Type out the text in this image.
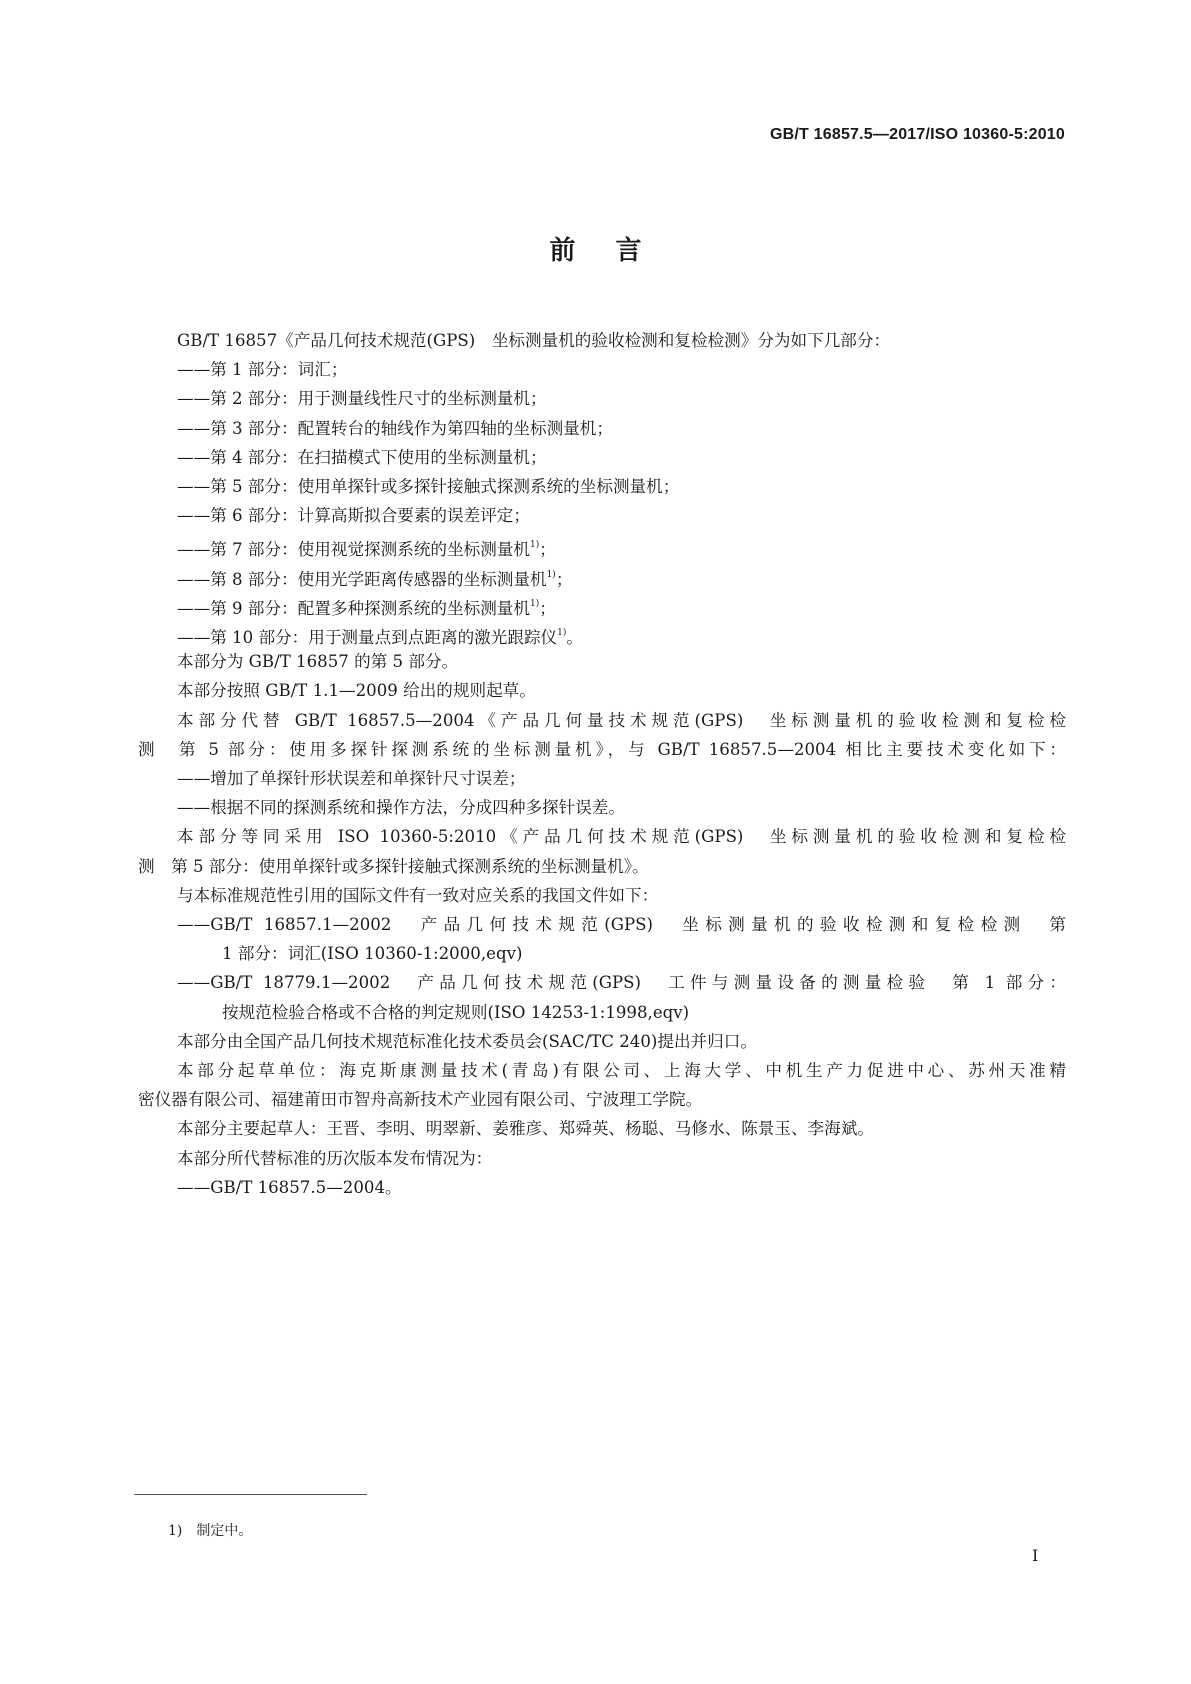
GB/T 16857.5—2017/ISO 10360-5:2010
前言
GB/T 16857《产品几何技术规范(GPS)　坐标测量机的验收检测和复检检测》分为如下几部分：
——第 1 部分：词汇；
——第 2 部分：用于测量线性尺寸的坐标测量机；
——第 3 部分：配置转台的轴线作为第四轴的坐标测量机；
——第 4 部分：在扫描模式下使用的坐标测量机；
——第 5 部分：使用单探针或多探针接触式探测系统的坐标测量机；
——第 6 部分：计算高斯拟合要素的误差评定；
——第 7 部分：使用视觉探测系统的坐标测量机$^{1)}$；
——第 8 部分：使用光学距离传感器的坐标测量机$^{1)}$；
——第 9 部分：配置多种探测系统的坐标测量机$^{1)}$；
——第 10 部分：用于测量点到点距离的激光跟踪仪$^{1)}$。
本部分为 GB/T 16857 的第 5 部分。
本部分按照 GB/T 1.1—2009 给出的规则起草。
本部分代替 GB/T 16857.5—2004《产品几何量技术规范(GPS)　坐标测量机的验收检测和复检检
测　第 5 部分：使用多探针探测系统的坐标测量机》，与 GB/T 16857.5—2004 相比主要技术变化如下：
——增加了单探针形状误差和单探针尺寸误差；
——根据不同的探测系统和操作方法，分成四种多探针误差。
本部分等同采用 ISO 10360-5:2010《产品几何技术规范(GPS)　坐标测量机的验收检测和复检检
测　第 5 部分：使用单探针或多探针接触式探测系统的坐标测量机》。
与本标准规范性引用的国际文件有一致对应关系的我国文件如下：
——GB/T 16857.1—2002　产品几何技术规范(GPS)　坐标测量机的验收检测和复检检测　第
1 部分：词汇(ISO 10360-1:2000,eqv)
——GB/T 18779.1—2002　产品几何技术规范(GPS)　工件与测量设备的测量检验　第 1 部分：
按规范检验合格或不合格的判定规则(ISO 14253-1:1998,eqv)
本部分由全国产品几何技术规范标准化技术委员会(SAC/TC 240)提出并归口。
本部分起草单位：海克斯康测量技术(青岛)有限公司、上海大学、中机生产力促进中心、苏州天准精
密仪器有限公司、福建莆田市智舟高新技术产业园有限公司、宁波理工学院。
本部分主要起草人：王晋、李明、明翠新、姜雅彦、郑舜英、杨聪、马修水、陈景玉、李海斌。
本部分所代替标准的历次版本发布情况为：
——GB/T 16857.5—2004。
1) 制定中。
I
